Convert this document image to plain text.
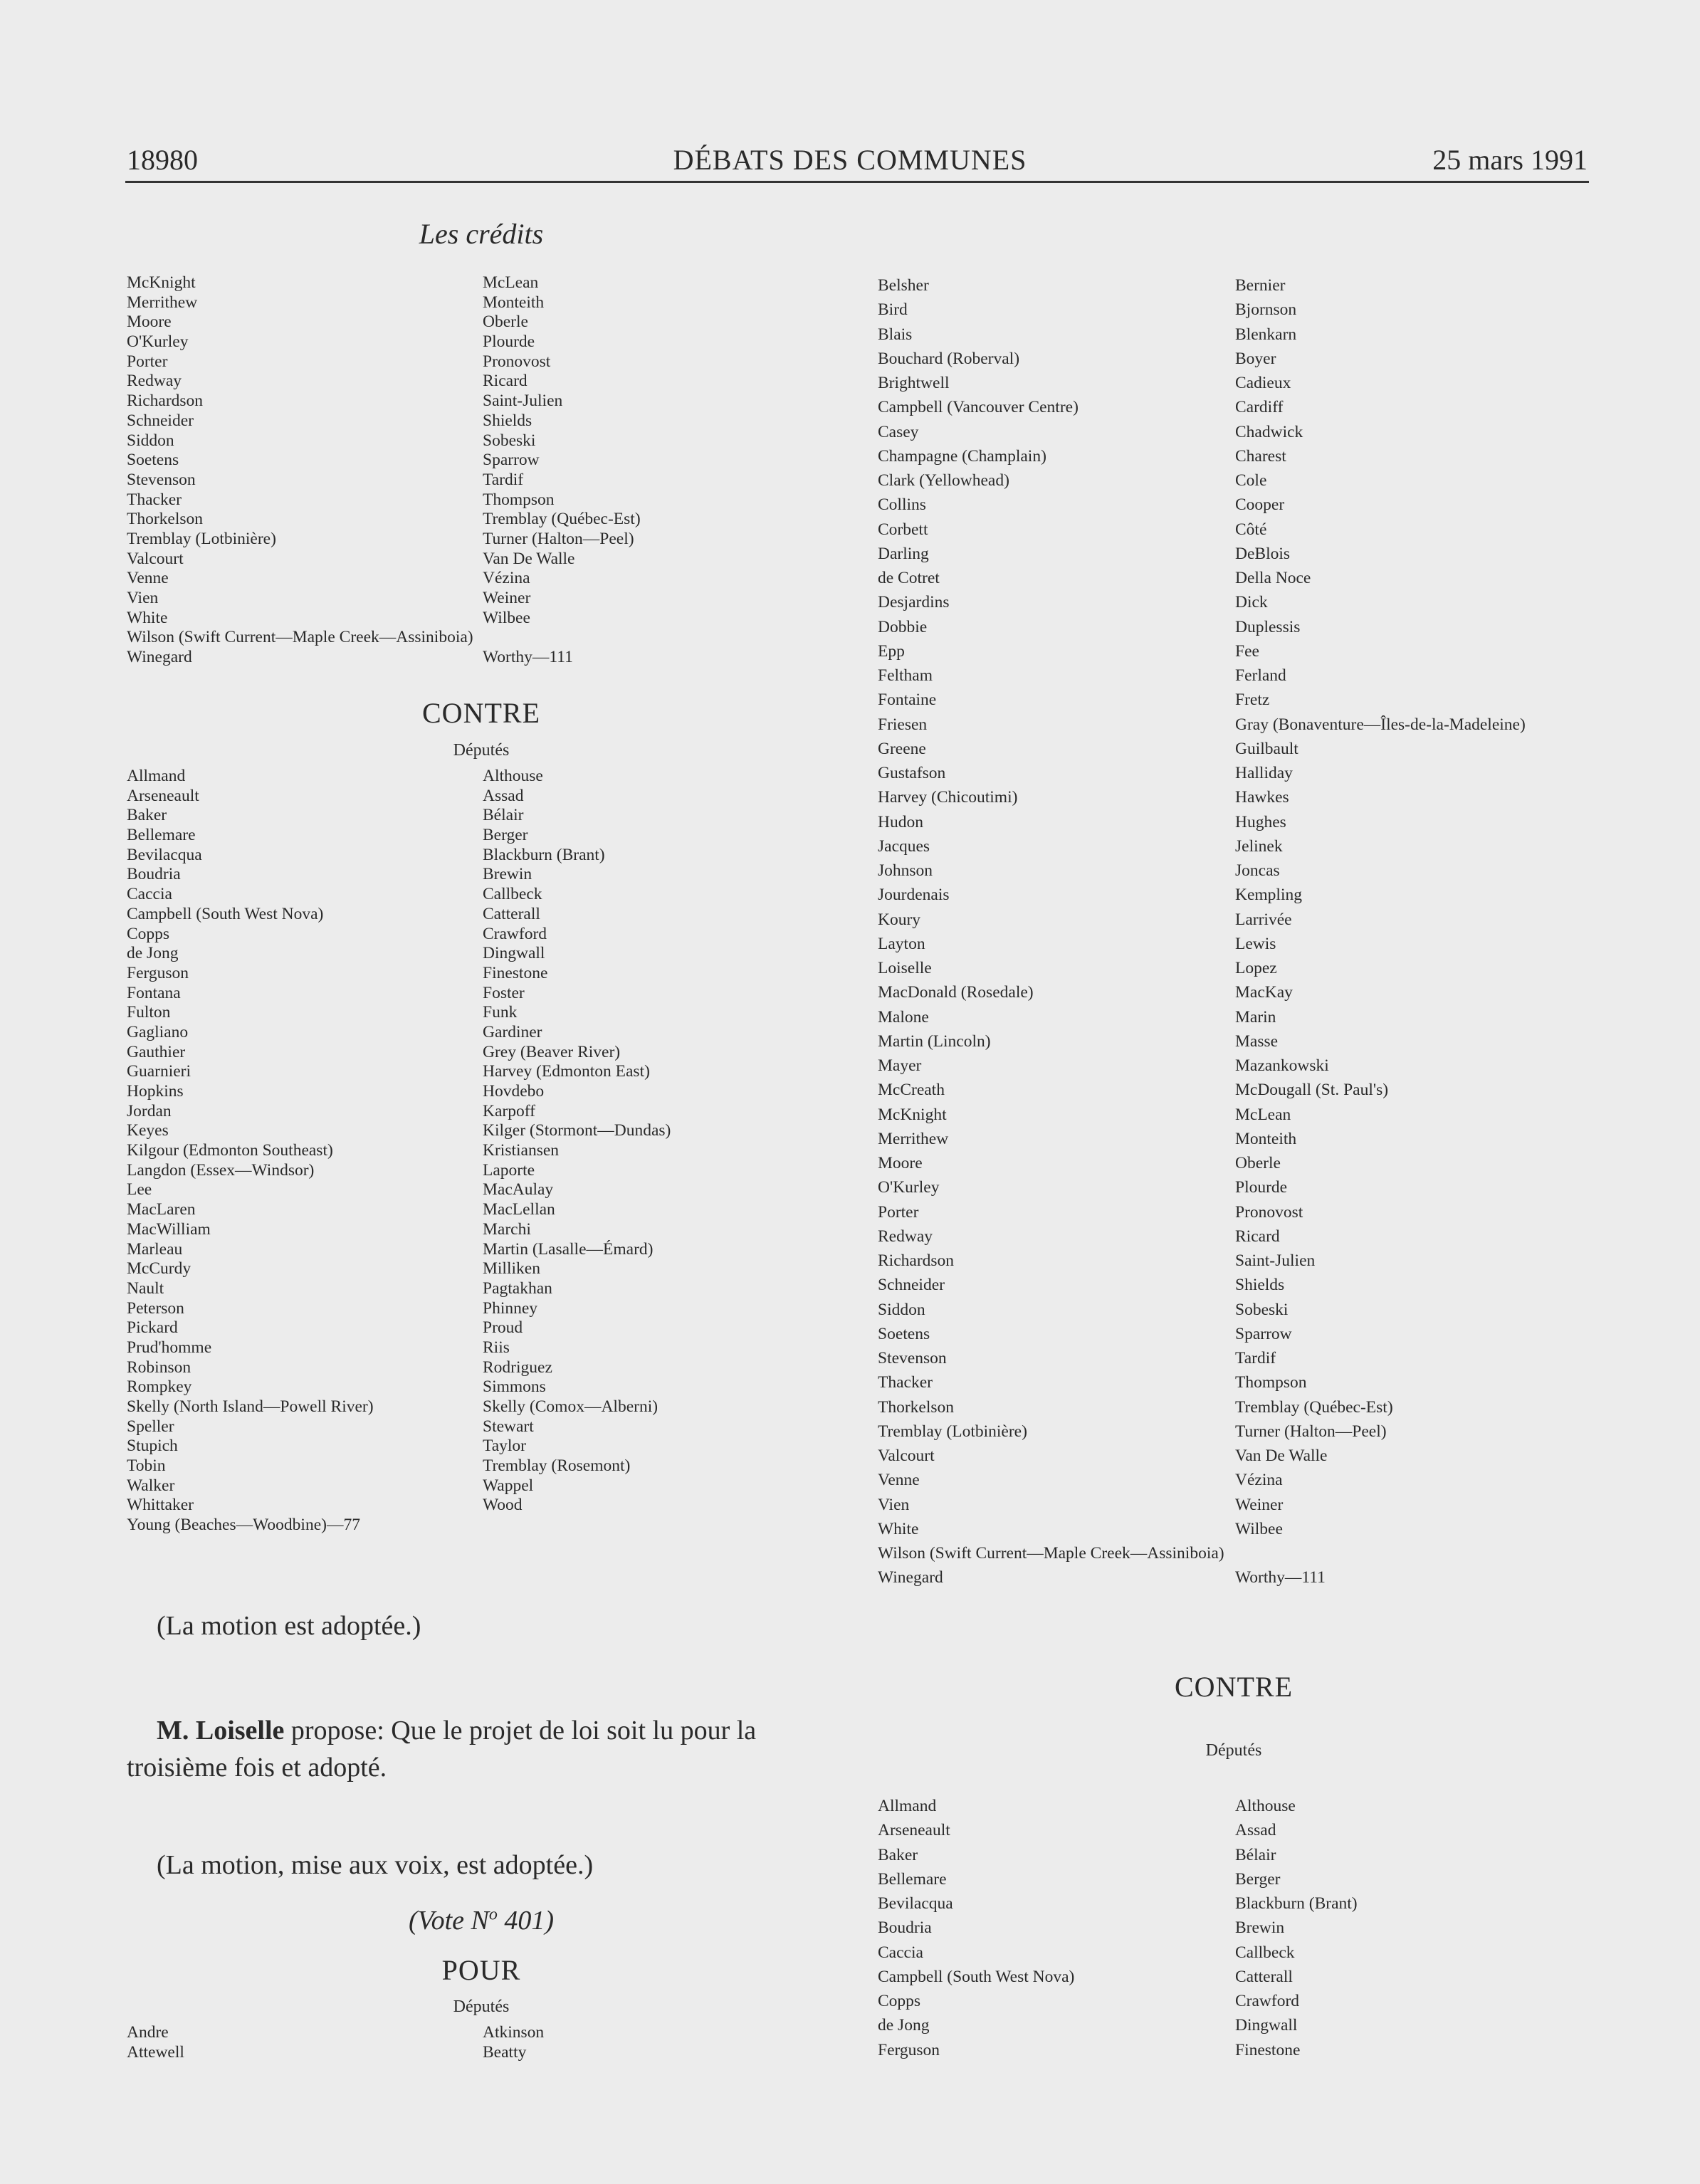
18980	DÉBATS DES COMMUNES	25 mars 1991
Les crédits
McKnight
Merrithew
Moore
O'Kurley
Porter
Redway
Richardson
Schneider
Siddon
Soetens
Stevenson
Thacker
Thorkelson
Tremblay (Lotbinière)
Valcourt
Venne
Vien
White
Wilson (Swift Current—Maple Creek—Assiniboia)
Winegard
McLean
Monteith
Oberle
Plourde
Pronovost
Ricard
Saint-Julien
Shields
Sobeski
Sparrow
Tardif
Thompson
Tremblay (Québec-Est)
Turner (Halton—Peel)
Van De Walle
Vézina
Weiner
Wilbee
Worthy—111
CONTRE
Députés
Allmand
Arseneault
Baker
Bellemare
Bevilacqua
Boudria
Caccia
Campbell (South West Nova)
Copps
de Jong
Ferguson
Fontana
Fulton
Gagliano
Gauthier
Guarnieri
Hopkins
Jordan
Keyes
Kilgour (Edmonton Southeast)
Langdon (Essex—Windsor)
Lee
MacLaren
MacWilliam
Marleau
McCurdy
Nault
Peterson
Pickard
Prud'homme
Robinson
Rompkey
Skelly (North Island—Powell River)
Speller
Stupich
Tobin
Walker
Whittaker
Young (Beaches—Woodbine)—77
Althouse
Assad
Bélair
Berger
Blackburn (Brant)
Brewin
Callbeck
Catterall
Crawford
Dingwall
Finestone
Foster
Funk
Gardiner
Grey (Beaver River)
Harvey (Edmonton East)
Hovdebo
Karpoff
Kilger (Stormont—Dundas)
Kristiansen
Laporte
MacAulay
MacLellan
Marchi
Martin (Lasalle—Émard)
Milliken
Pagtakhan
Phinney
Proud
Riis
Rodriguez
Simmons
Skelly (Comox—Alberni)
Stewart
Taylor
Tremblay (Rosemont)
Wappel
Wood
(La motion est adoptée.)
M. Loiselle propose: Que le projet de loi soit lu pour la
troisième fois et adopté.
(La motion, mise aux voix, est adoptée.)
(Vote $N^o$ 401)
POUR
Députés
Andre
Attewell
Atkinson
Beatty
Belsher
Bird
Blais
Bouchard (Roberval)
Brightwell
Campbell (Vancouver Centre)
Casey
Champagne (Champlain)
Clark (Yellowhead)
Collins
Corbett
Darling
de Cotret
Desjardins
Dobbie
Epp
Feltham
Fontaine
Friesen
Greene
Gustafson
Harvey (Chicoutimi)
Hudon
Jacques
Johnson
Jourdenais
Koury
Layton
Loiselle
MacDonald (Rosedale)
Malone
Martin (Lincoln)
Mayer
McCreath
McKnight
Merrithew
Moore
O'Kurley
Porter
Redway
Richardson
Schneider
Siddon
Soetens
Stevenson
Thacker
Thorkelson
Tremblay (Lotbinière)
Valcourt
Venne
Vien
White
Wilson (Swift Current—Maple Creek—Assiniboia)
Winegard
Bernier
Bjornson
Blenkarn
Boyer
Cadieux
Cardiff
Chadwick
Charest
Cole
Cooper
Côté
DeBlois
Della Noce
Dick
Duplessis
Fee
Ferland
Fretz
Gray (Bonaventure—Îles-de-la-Madeleine)
Guilbault
Halliday
Hawkes
Hughes
Jelinek
Joncas
Kempling
Larrivée
Lewis
Lopez
MacKay
Marin
Masse
Mazankowski
McDougall (St. Paul's)
McLean
Monteith
Oberle
Plourde
Pronovost
Ricard
Saint-Julien
Shields
Sobeski
Sparrow
Tardif
Thompson
Tremblay (Québec-Est)
Turner (Halton—Peel)
Van De Walle
Vézina
Weiner
Wilbee
Worthy—111
CONTRE
Députés
Allmand
Arseneault
Baker
Bellemare
Bevilacqua
Boudria
Caccia
Campbell (South West Nova)
Copps
de Jong
Ferguson
Althouse
Assad
Bélair
Berger
Blackburn (Brant)
Brewin
Callbeck
Catterall
Crawford
Dingwall
Finestone
